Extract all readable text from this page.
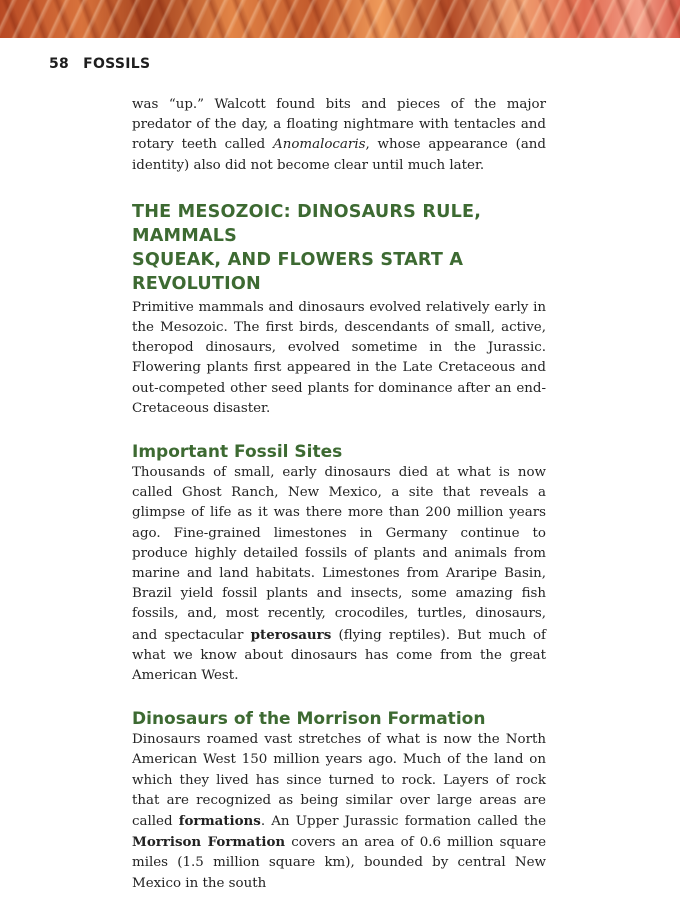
58 FOSSILS

was “up.” Walcott found bits and pieces of the major predator of the day, a floating nightmare with tentacles and rotary teeth called Anomalocaris, whose appearance (and identity) also did not become clear until much later.

THE MESOZOIC: DINOSAURS RULE, MAMMALS
SQUEAK, AND FLOWERS START A REVOLUTION

Primitive mammals and dinosaurs evolved relatively early in the Mesozoic. The first birds, descendants of small, active, theropod dinosaurs, evolved sometime in the Jurassic. Flowering plants first appeared in the Late Cretaceous and out-competed other seed plants for dominance after an end-Cretaceous disaster.

Important Fossil Sites

Thousands of small, early dinosaurs died at what is now called Ghost Ranch, New Mexico, a site that reveals a glimpse of life as it was there more than 200 million years ago. Fine-grained limestones in Germany continue to produce highly detailed fossils of plants and animals from marine and land habitats. Limestones from Araripe Basin, Brazil yield fossil plants and insects, some amazing fish fossils, and, most recently, crocodiles, turtles, dinosaurs, and spectacular pterosaurs (flying reptiles). But much of what we know about dinosaurs has come from the great American West.

Dinosaurs of the Morrison Formation

Dinosaurs roamed vast stretches of what is now the North American West 150 million years ago. Much of the land on which they lived has since turned to rock. Layers of rock that are recognized as being similar over large areas are called formations. An Upper Jurassic formation called the Morrison Formation covers an area of 0.6 million square miles (1.5 million square km), bounded by central New Mexico in the south
